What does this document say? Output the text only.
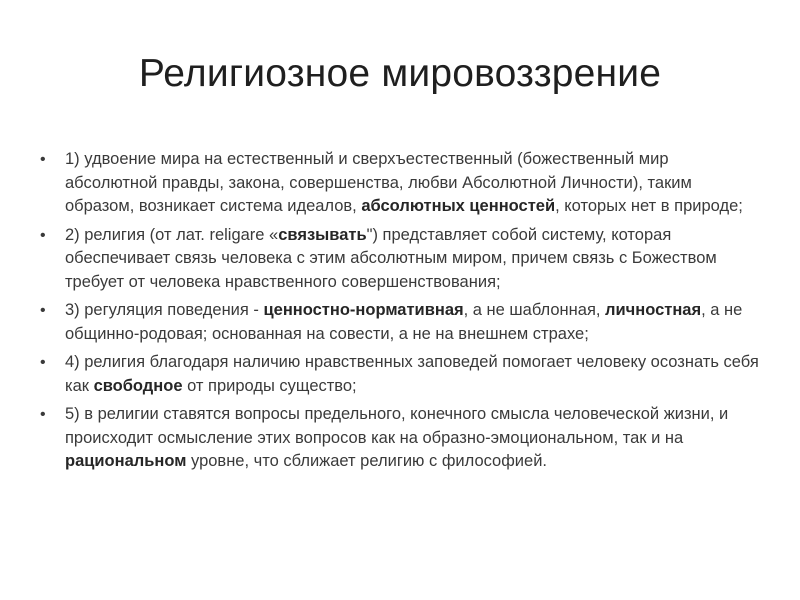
Религиозное мировоззрение
• 1) удвоение мира на естественный и сверхъестественный (божественный мир абсолютной правды, закона, совершенства, любви Абсолютной Личности), таким образом, возникает система идеалов, абсолютных ценностей, которых нет в природе;
• 2) религия (от лат. religare «связывать") представляет собой систему, которая обеспечивает связь человека с этим абсолютным миром, причем связь с Божеством требует от человека нравственного совершенствования;
• 3) регуляция поведения - ценностно-нормативная, а не шаблонная, личностная, а не общинно-родовая; основанная на совести, а не на внешнем страхе;
• 4) религия благодаря наличию нравственных заповедей помогает человеку осознать себя как свободное от природы существо;
• 5) в религии ставятся вопросы предельного, конечного смысла человеческой жизни, и происходит осмысление этих вопросов как на образно-эмоциональном, так и на рациональном уровне, что сближает религию с философией.
